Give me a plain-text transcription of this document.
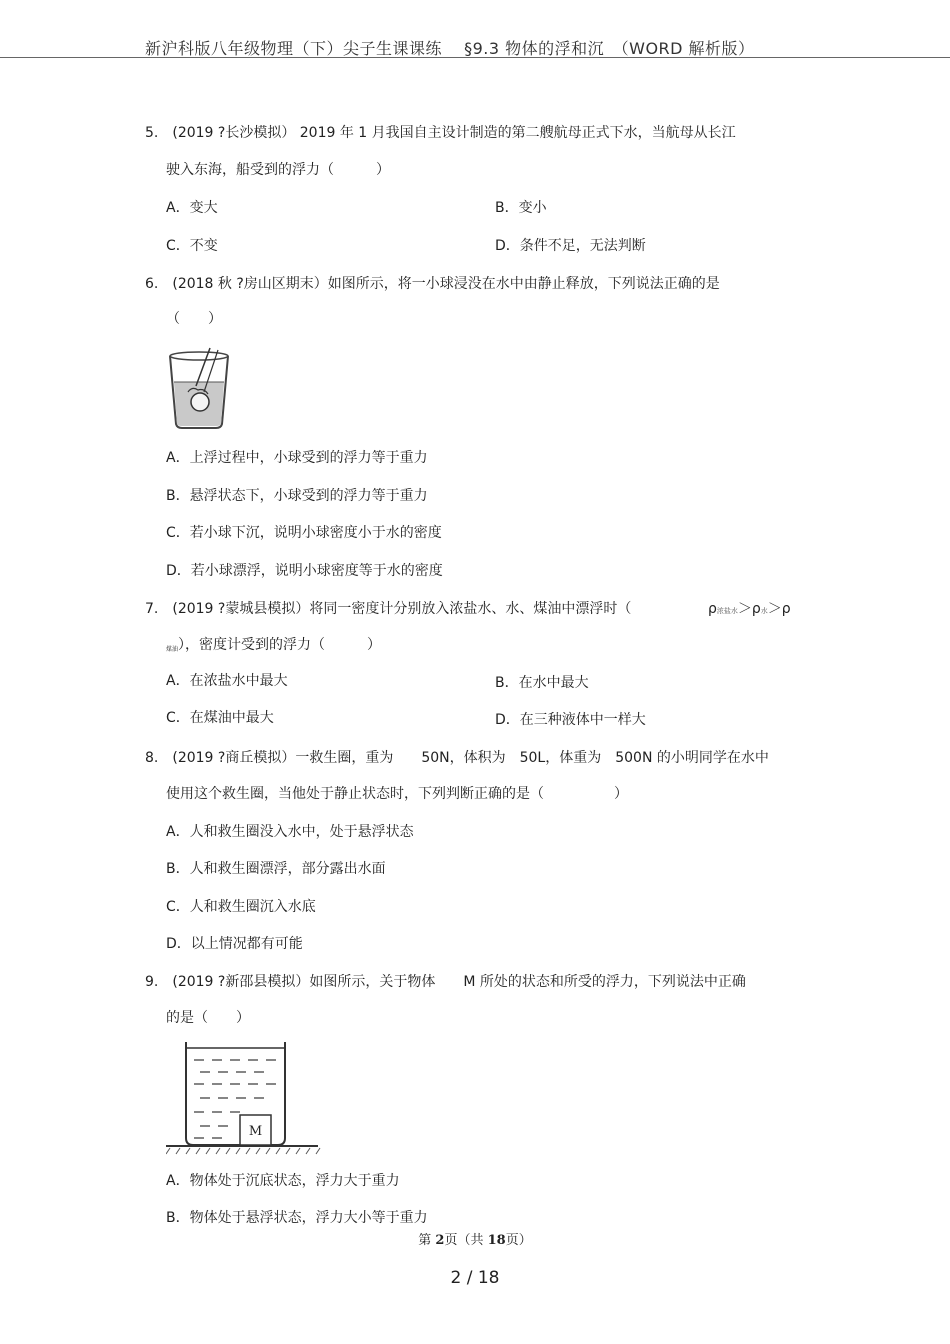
新沪科版八年级物理（下）尖子生课课练　 §9.3 物体的浮和沉　（WORD 解析版）
5.　(2019 ?长沙模拟） 2019 年 1 月我国自主设计制造的第二艘航母正式下水，当航母从长江
驶入东海，船受到的浮力（　　　）
A．变大	B．变小
C．不变	D．条件不足，无法判断
6.　(2018 秋 ?房山区期末）如图所示，将一小球浸没在水中由静止释放，下列说法正确的是
（　　）
A．上浮过程中，小球受到的浮力等于重力
B．悬浮状态下，小球受到的浮力等于重力
C．若小球下沉，说明小球密度小于水的密度
D．若小球漂浮，说明小球密度等于水的密度
7.　(2019 ?蒙城县模拟）将同一密度计分别放入浓盐水、水、煤油中漂浮时（	ρ浓盐水＞ρ水＞ρ
$_{煤油}$），密度计受到的浮力（　　　）
A．在浓盐水中最大	B．在水中最大
C．在煤油中最大	D．在三种液体中一样大
8.　(2019 ?商丘模拟）一救生圈，重为　　50N，体积为　50L，体重为　500N 的小明同学在水中
使用这个救生圈，当他处于静止状态时，下列判断正确的是（　　　　　）
A．人和救生圈没入水中，处于悬浮状态
B．人和救生圈漂浮，部分露出水面
C．人和救生圈沉入水底
D．以上情况都有可能
9.　(2019 ?新邵县模拟）如图所示，关于物体　　M 所处的状态和所受的浮力，下列说法中正确
的是（　　）
M
A．物体处于沉底状态，浮力大于重力
B．物体处于悬浮状态，浮力大小等于重力
第 2页（共 18页）
2 / 18
